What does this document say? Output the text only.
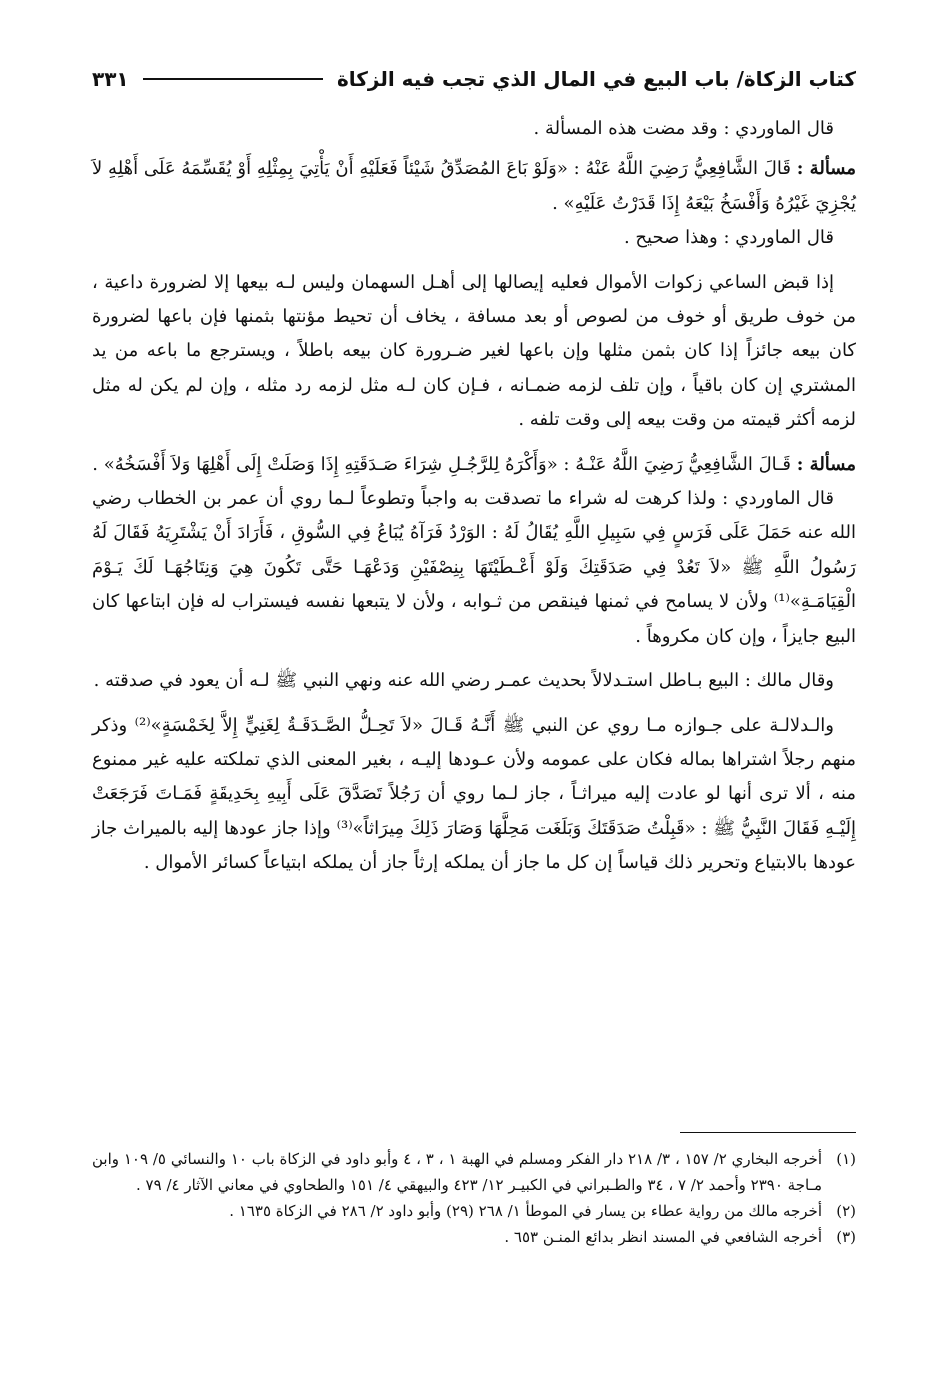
كتاب الزكاة/ باب البيع في المال الذي تجب فيه الزكاة
٣٣١

قال الماوردي : وقد مضت هذه المسألة .

مسألة : قَالَ الشَّافِعِيُّ رَضِيَ اللَّهُ عَنْهُ : «وَلَوْ بَاعَ المُصَدِّقُ شَيْئاً فَعَلَيْهِ أَنْ يَأْتِيَ بِمِثْلِهِ أَوْ يُقَسِّمَهُ عَلَى أَهْلِهِ لاَ يُجْزِيَ غَيْرُهُ وَأَفْسَخُ بَيْعَهُ إِذَا قَدَرْتُ عَلَيْهِ» .

قال الماوردي : وهذا صحيح .

إذا قبض الساعي زكوات الأموال فعليه إيصالها إلى أهـل السهمان وليس لـه بيعها إلا لضرورة داعية ، من خوف طريق أو خوف من لصوص أو بعد مسافة ، يخاف أن تحيط مؤنتها بثمنها فإن باعها لضرورة كان بيعه جائزاً إذا كان بثمن مثلها وإن باعها لغير ضـرورة كان بيعه باطلاً ، ويسترجع ما باعه من يد المشتري إن كان باقياً ، وإن تلف لزمه ضمـانه ، فـإن كان لـه مثل لزمه رد مثله ، وإن لم يكن له مثل لزمه أكثر قيمته من وقت بيعه إلى وقت تلفه .

مسألة : قَـالَ الشَّافِعِيُّ رَضِيَ اللَّهُ عَنْـهُ : «وَأَكْرَهُ لِلرَّجُـلِ شِرَاءَ صَـدَقَتِهِ إِذَا وَصَلَتْ إِلَى أَهْلِهَا وَلاَ أَفْسَخُهُ» .

قال الماوردي : ولذا كرهت له شراء ما تصدقت به واجباً وتطوعاً لـما روي أن عمر بن الخطاب رضي الله عنه حَمَلَ عَلَى فَرَسٍ فِي سَبِيلِ اللَّهِ يُقَالُ لَهُ : الوَرْدُ فَرَآهُ يُبَاعُ فِي السُّوقِ ، فَأَرَادَ أَنْ يَشْتَرِيَهُ فَقَالَ لَهُ رَسُولُ اللَّهِ ﷺ «لاَ تَعُدْ فِي صَدَقَتِكَ وَلَوْ أَعْـطَيْتَهَا بِنِصْفَيْنِ وَدَعْهَـا حَتَّى تَكُونَ هِيَ وَنِتَاجُهَـا لَكَ يَـوْمَ الْقِيَامَـةِ»⁽¹⁾ ولأن لا يسامح في ثمنها فينقص من ثـوابه ، ولأن لا يتبعها نفسه فيستراب له فإن ابتاعها كان البيع جايزاً ، وإن كان مكروهاً .

وقال مالك : البيع بـاطل استـدلالاً بحديث عمـر رضي الله عنه ونهي النبي ﷺ لـه أن يعود في صدقته .

والـدلالـة على جـوازه مـا روي عن النبي ﷺ أَنَّـهُ قَـالَ «لاَ تَحِـلُّ الصَّـدَقَـةُ لِغَنِيٍّ إِلاَّ لِخَمْسَةٍ»⁽²⁾ وذكر منهم رجلاً اشتراها بماله فكان على عمومه ولأن عـودها إليـه ، بغير المعنى الذي تملكته عليه غير ممنوع منه ، ألا ترى أنها لو عادت إليه ميراثـاً ، جاز لـما روي أن رَجُلاً تَصَدَّقَ عَلَى أَبِيهِ بِحَدِيقَةٍ فَمَـاتَ فَرَجَعَتْ إِلَيْـهِ فَقَالَ النَّبِيُّ ﷺ : «قَبِلْتُ صَدَقَتَكَ وَبَلَغَت مَحِلَّهَا وَصَارَ ذَلِكَ مِيرَاثاً»⁽³⁾ وإذا جاز عودها إليه بالميراث جاز عودها بالابتياع وتحرير ذلك قياساً إن كل ما جاز أن يملكه إرثاً جاز أن يملكه ابتياعاً كسائر الأموال .

(١)
أخرجه البخاري ٢/ ١٥٧ ، ٣/ ٢١٨ دار الفكر ومسلم في الهبة ١ ، ٣ ، ٤ وأبو داود في الزكاة باب ١٠ والنسائي ٥/ ١٠٩ وابن مـاجة ٢٣٩٠ وأحمد ٢/ ٧ ، ٣٤ والطـبراني في الكبيـر ١٢/ ٤٢٣ والبيهقي ٤/ ١٥١ والطحاوي في معاني الآثار ٤/ ٧٩ .

(٢)
أخرجه مالك من رواية عطاء بن يسار في الموطأ ١/ ٢٦٨ (٢٩) وأبو داود ٢/ ٢٨٦ في الزكاة ١٦٣٥ .

(٣)
أخرجه الشافعي في المسند انظر بدائع المنـن ٦٥٣ .
